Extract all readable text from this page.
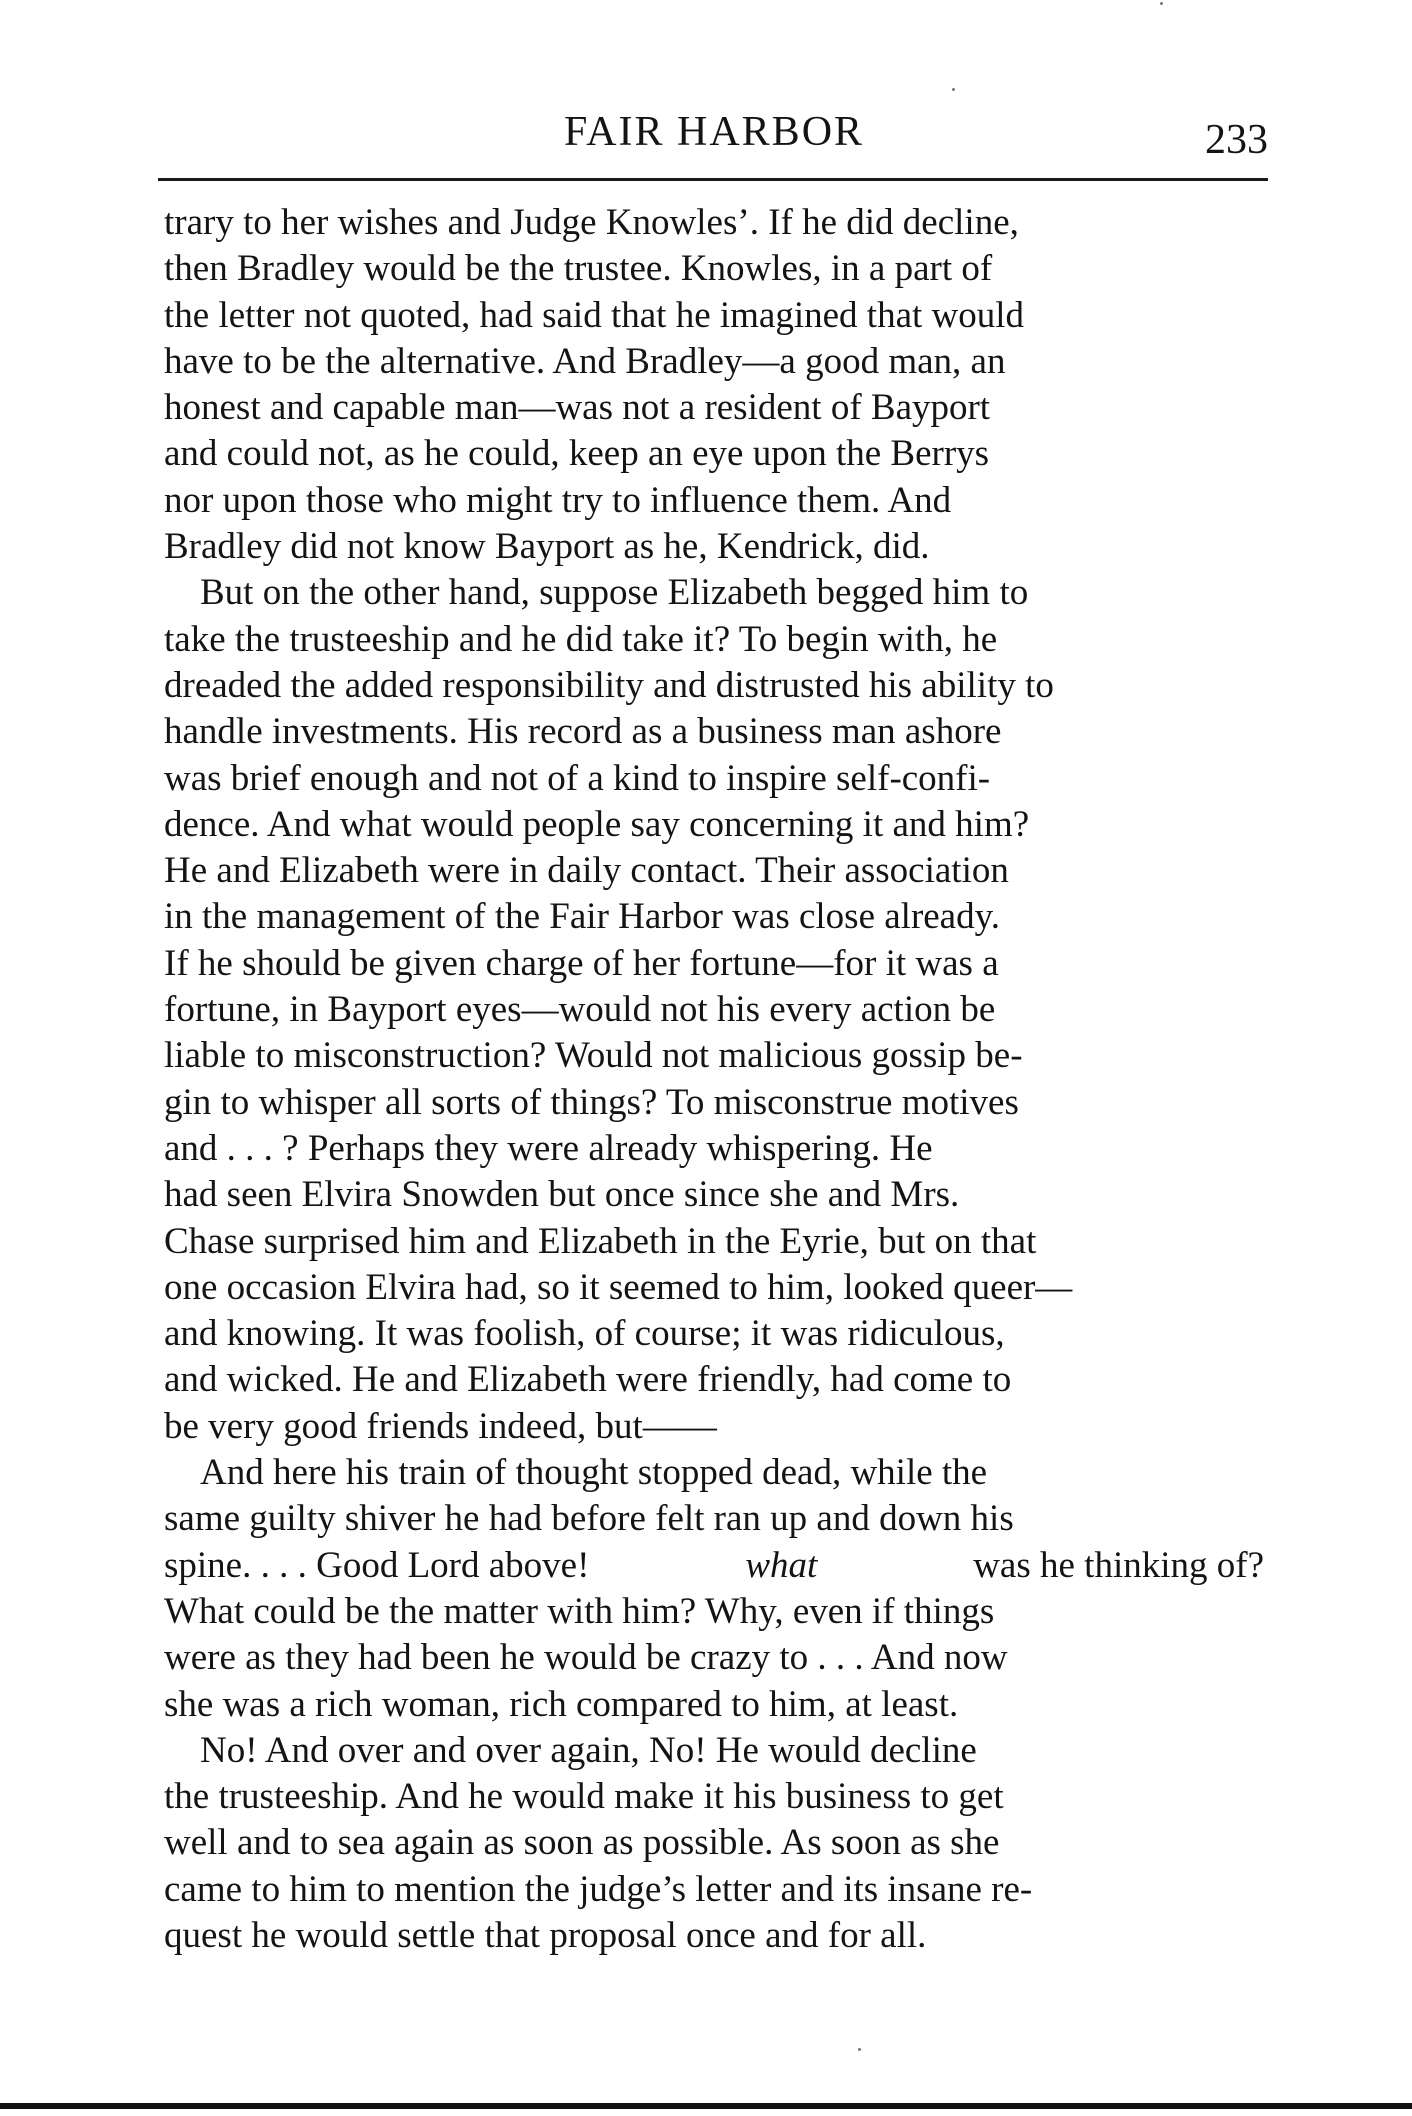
FAIR HARBOR	233
trary to her wishes and Judge Knowles’. If he did decline,
then Bradley would be the trustee. Knowles, in a part of
the letter not quoted, had said that he imagined that would
have to be the alternative. And Bradley—a good man, an
honest and capable man—was not a resident of Bayport
and could not, as he could, keep an eye upon the Berrys
nor upon those who might try to influence them. And
Bradley did not know Bayport as he, Kendrick, did.
But on the other hand, suppose Elizabeth begged him to
take the trusteeship and he did take it? To begin with, he
dreaded the added responsibility and distrusted his ability to
handle investments. His record as a business man ashore
was brief enough and not of a kind to inspire self-confi-
dence. And what would people say concerning it and him?
He and Elizabeth were in daily contact. Their association
in the management of the Fair Harbor was close already.
If he should be given charge of her fortune—for it was a
fortune, in Bayport eyes—would not his every action be
liable to misconstruction? Would not malicious gossip be-
gin to whisper all sorts of things? To misconstrue motives
and . . . ? Perhaps they were already whispering. He
had seen Elvira Snowden but once since she and Mrs.
Chase surprised him and Elizabeth in the Eyrie, but on that
one occasion Elvira had, so it seemed to him, looked queer—
and knowing. It was foolish, of course; it was ridiculous,
and wicked. He and Elizabeth were friendly, had come to
be very good friends indeed, but——
And here his train of thought stopped dead, while the
same guilty shiver he had before felt ran up and down his
spine. . . . Good Lord above!	what	was he thinking of?
What could be the matter with him? Why, even if things
were as they had been he would be crazy to . . . And now
she was a rich woman, rich compared to him, at least.
No! And over and over again, No! He would decline
the trusteeship. And he would make it his business to get
well and to sea again as soon as possible. As soon as she
came to him to mention the judge’s letter and its insane re-
quest he would settle that proposal once and for all.
